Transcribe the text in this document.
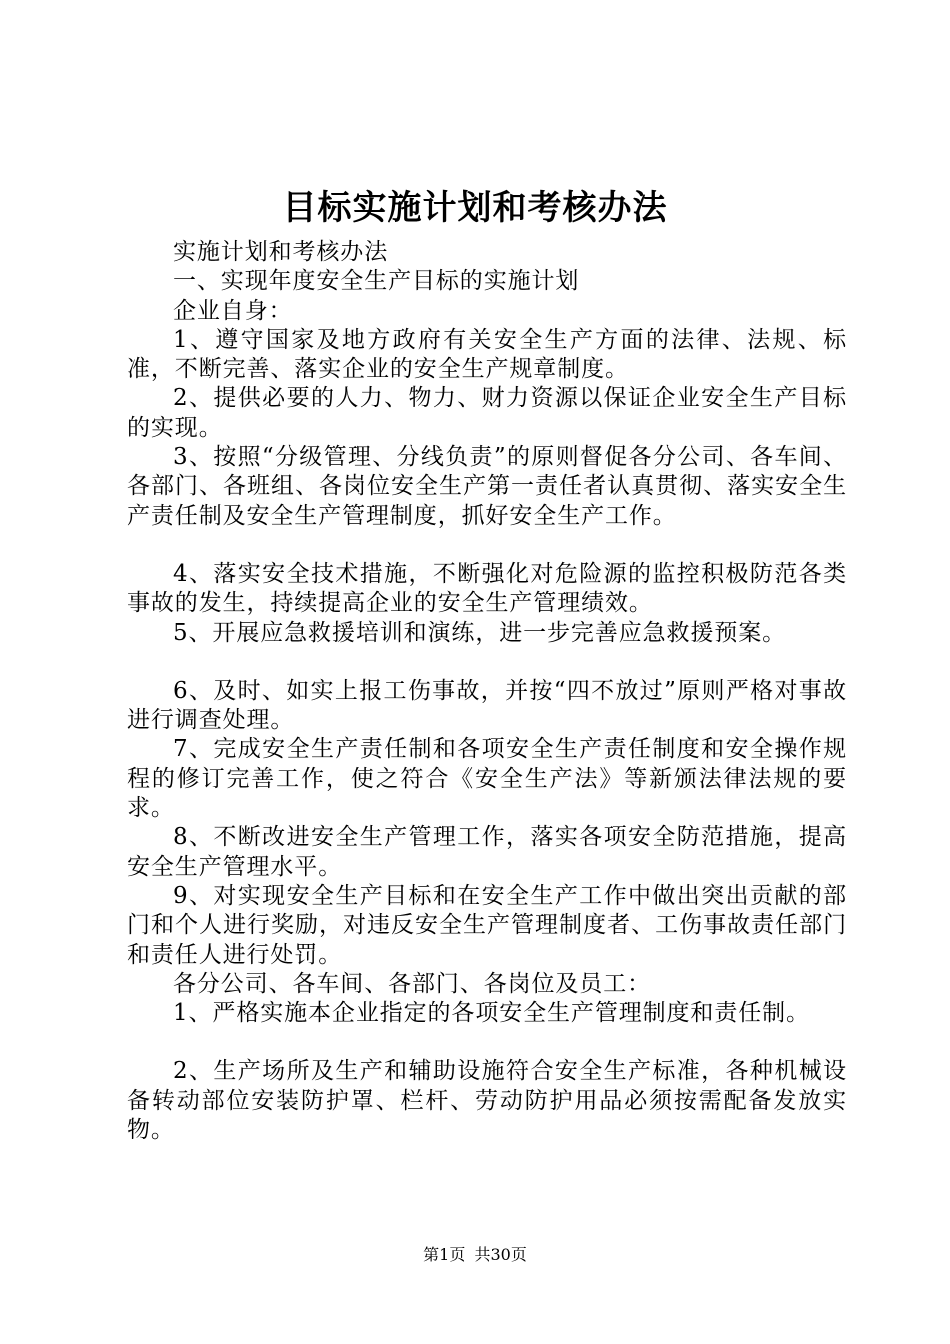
目标实施计划和考核办法

实施计划和考核办法

一、实现年度安全生产目标的实施计划

企业自身：

1、遵守国家及地方政府有关安全生产方面的法律、法规、标准，不断完善、落实企业的安全生产规章制度。

2、提供必要的人力、物力、财力资源以保证企业安全生产目标的实现。

3、按照“分级管理、分线负责”的原则督促各分公司、各车间、各部门、各班组、各岗位安全生产第一责任者认真贯彻、落实安全生产责任制及安全生产管理制度，抓好安全生产工作。

4、落实安全技术措施，不断强化对危险源的监控积极防范各类事故的发生，持续提高企业的安全生产管理绩效。

5、开展应急救援培训和演练，进一步完善应急救援预案。

6、及时、如实上报工伤事故，并按“四不放过”原则严格对事故进行调查处理。

7、完成安全生产责任制和各项安全生产责任制度和安全操作规程的修订完善工作，使之符合《安全生产法》等新颁法律法规的要求。

8、不断改进安全生产管理工作，落实各项安全防范措施，提高安全生产管理水平。

9、对实现安全生产目标和在安全生产工作中做出突出贡献的部门和个人进行奖励，对违反安全生产管理制度者、工伤事故责任部门和责任人进行处罚。

各分公司、各车间、各部门、各岗位及员工：

1、严格实施本企业指定的各项安全生产管理制度和责任制。

2、生产场所及生产和辅助设施符合安全生产标准，各种机械设备转动部位安装防护罩、栏杆、劳动防护用品必须按需配备发放实物。

第1页 共30页
